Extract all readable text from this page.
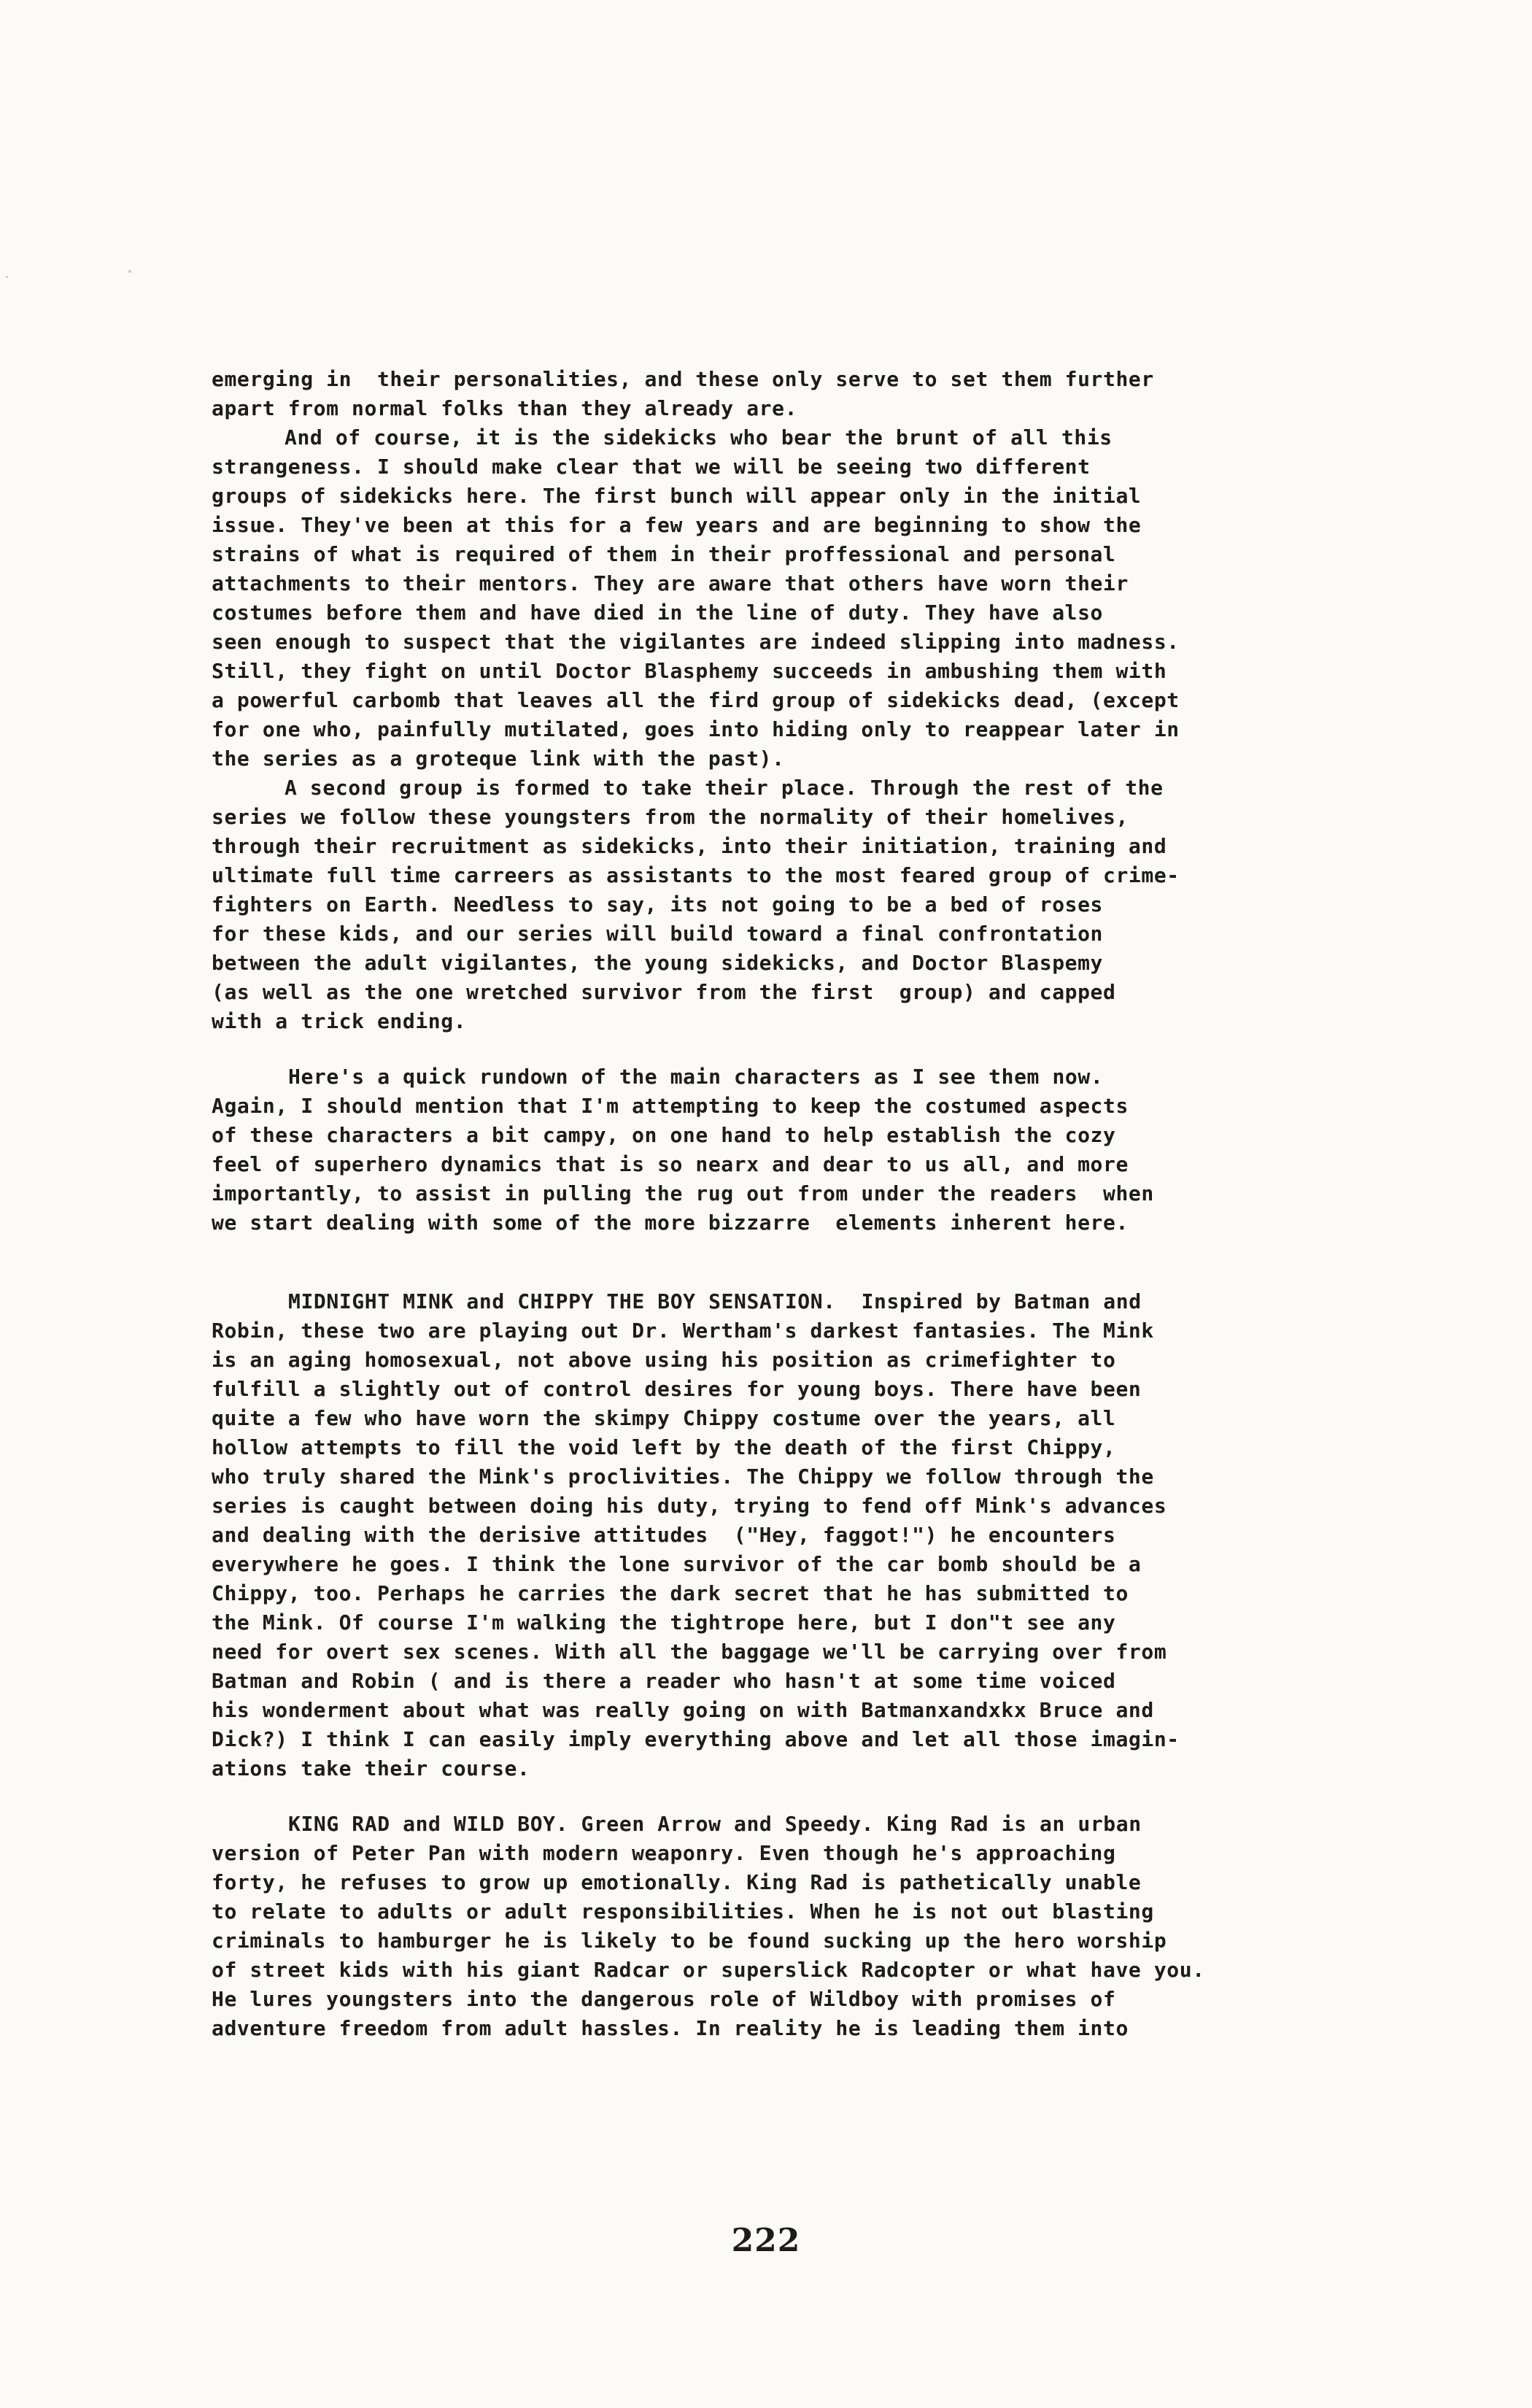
emerging in  their personalities, and these only serve to set them further
apart from normal folks than they already are.
And of course, it is the sidekicks who bear the brunt of all this
strangeness. I should make clear that we will be seeing two different
groups of sidekicks here. The first bunch will appear only in the initial
issue. They've been at this for a few years and are beginning to show the
strains of what is required of them in their proffessional and personal
attachments to their mentors. They are aware that others have worn their
costumes before them and have died in the line of duty. They have also
seen enough to suspect that the vigilantes are indeed slipping into madness.
Still, they fight on until Doctor Blasphemy succeeds in ambushing them with
a powerful carbomb that leaves all the fird group of sidekicks dead, (except
for one who, painfully mutilated, goes into hiding only to reappear later in
the series as a groteque link with the past).
A second group is formed to take their place. Through the rest of the
series we follow these youngsters from the normality of their homelives,
through their recruitment as sidekicks, into their initiation, training and
ultimate full time carreers as assistants to the most feared group of crime-
fighters on Earth. Needless to say, its not going to be a bed of roses
for these kids, and our series will build toward a final confrontation
between the adult vigilantes, the young sidekicks, and Doctor Blaspemy
(as well as the one wretched survivor from the first  group) and capped
with a trick ending.
Here's a quick rundown of the main characters as I see them now.
Again, I should mention that I'm attempting to keep the costumed aspects
of these characters a bit campy, on one hand to help establish the cozy
feel of superhero dynamics that is so nearx and dear to us all, and more
importantly, to assist in pulling the rug out from under the readers  when
we start dealing with some of the more bizzarre  elements inherent here.
MIDNIGHT MINK and CHIPPY THE BOY SENSATION.  Inspired by Batman and
Robin, these two are playing out Dr. Wertham's darkest fantasies. The Mink
is an aging homosexual, not above using his position as crimefighter to
fulfill a slightly out of control desires for young boys. There have been
quite a few who have worn the skimpy Chippy costume over the years, all
hollow attempts to fill the void left by the death of the first Chippy,
who truly shared the Mink's proclivities. The Chippy we follow through the
series is caught between doing his duty, trying to fend off Mink's advances
and dealing with the derisive attitudes  ("Hey, faggot!") he encounters
everywhere he goes. I think the lone survivor of the car bomb should be a
Chippy, too. Perhaps he carries the dark secret that he has submitted to
the Mink. Of course I'm walking the tightrope here, but I don"t see any
need for overt sex scenes. With all the baggage we'll be carrying over from
Batman and Robin ( and is there a reader who hasn't at some time voiced
his wonderment about what was really going on with Batmanxandxkx Bruce and
Dick?) I think I can easily imply everything above and let all those imagin-
ations take their course.
KING RAD and WILD BOY. Green Arrow and Speedy. King Rad is an urban
version of Peter Pan with modern weaponry. Even though he's approaching
forty, he refuses to grow up emotionally. King Rad is pathetically unable
to relate to adults or adult responsibilities. When he is not out blasting
criminals to hamburger he is likely to be found sucking up the hero worship
of street kids with his giant Radcar or superslick Radcopter or what have you.
He lures youngsters into the dangerous role of Wildboy with promises of
adventure freedom from adult hassles. In reality he is leading them into
222
